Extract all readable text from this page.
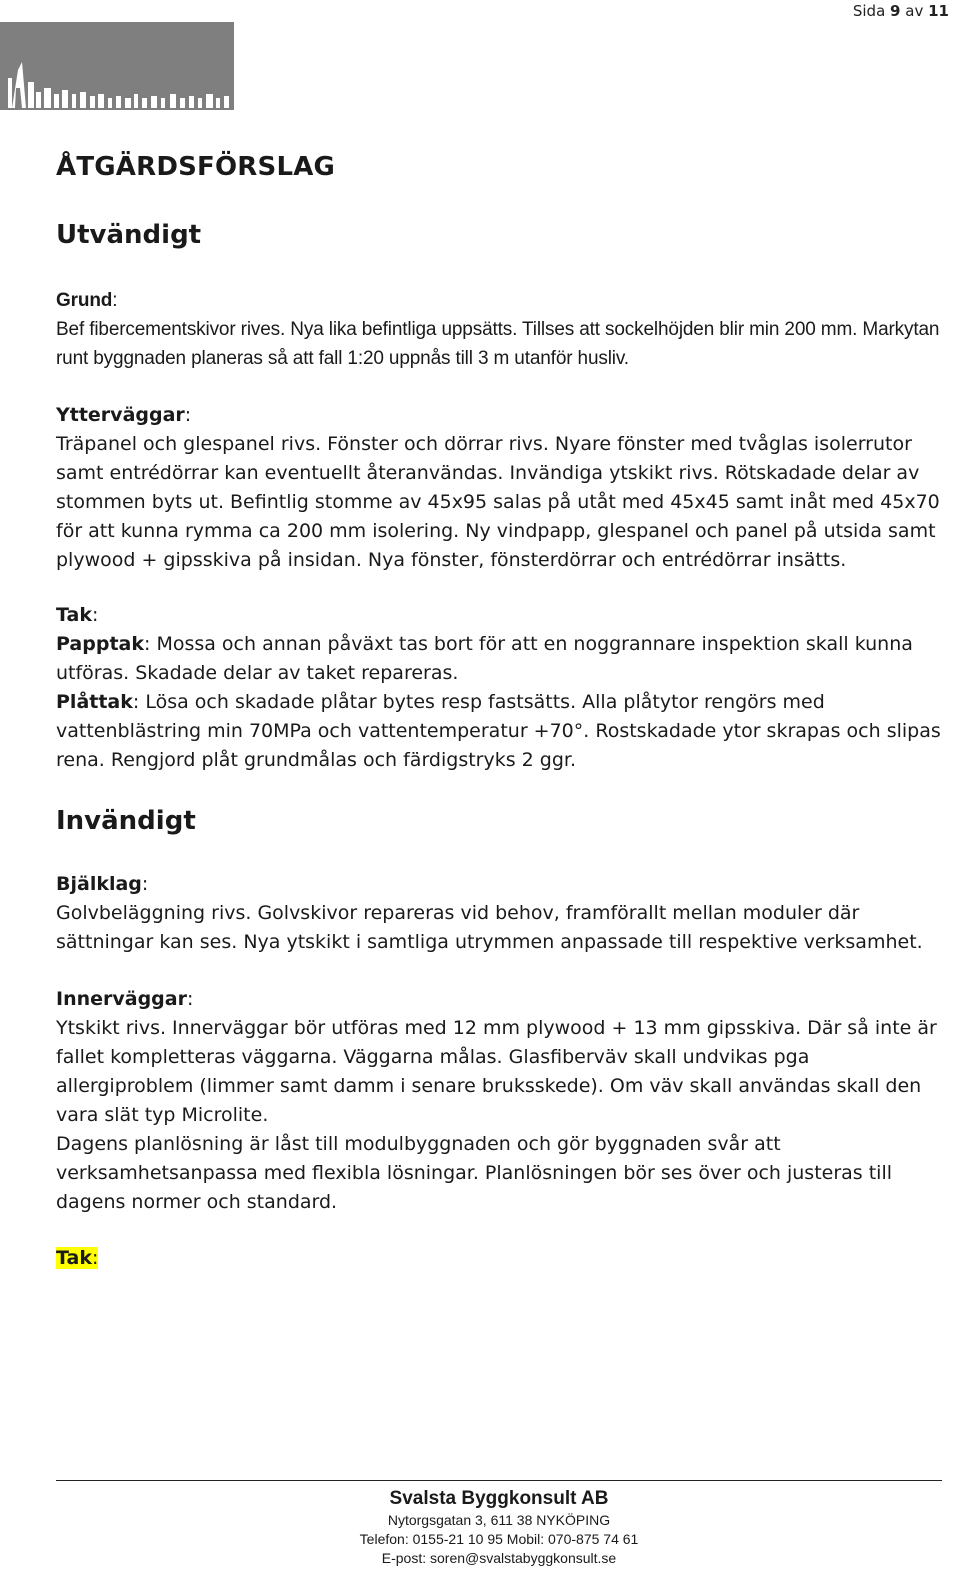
Sida 9 av 11
ÅTGÄRDSFÖRSLAG
Utvändigt

Grund:

Bef fibercementskivor rives. Nya lika befintliga uppsätts. Tillses att sockelhöjden blir min 200 mm. Markytan runt byggnaden planeras så att fall 1:20 uppnås till 3 m utanför husliv.

Ytterväggar:

Träpanel och glespanel rivs. Fönster och dörrar rivs. Nyare fönster med tvåglas isolerrutor samt entrédörrar kan eventuellt återanvändas. Invändiga ytskikt rivs. Rötskadade delar av stommen byts ut. Befintlig stomme av 45x95 salas på utåt med 45x45 samt inåt med 45x70 för att kunna rymma ca 200 mm isolering. Ny vindpapp, glespanel och panel på utsida samt plywood + gipsskiva på insidan. Nya fönster, fönsterdörrar och entrédörrar insätts.

Tak:

Papptak: Mossa och annan påväxt tas bort för att en noggrannare inspektion skall kunna utföras. Skadade delar av taket repareras.

Plåttak: Lösa och skadade plåtar bytes resp fastsätts. Alla plåtytor rengörs med vattenblästring min 70MPa och vattentemperatur +70°. Rostskadade ytor skrapas och slipas rena. Rengjord plåt grundmålas och färdigstryks 2 ggr.

Invändigt

Bjälklag:

Golvbeläggning rivs. Golvskivor repareras vid behov, framförallt mellan moduler där sättningar kan ses. Nya ytskikt i samtliga utrymmen anpassade till respektive verksamhet.

Innerväggar:

Ytskikt rivs. Innerväggar bör utföras med 12 mm plywood + 13 mm gipsskiva. Där så inte är fallet kompletteras väggarna. Väggarna målas. Glasfiberväv skall undvikas pga allergiproblem (limmer samt damm i senare bruksskede). Om väv skall användas skall den vara slät typ Microlite.

Dagens planlösning är låst till modulbyggnaden och gör byggnaden svår att verksamhetsanpassa med flexibla lösningar. Planlösningen bör ses över och justeras till dagens normer och standard.

Tak:

Svalsta Byggkonsult AB
Nytorgsgatan 3, 611 38 NYKÖPING
Telefon: 0155-21 10 95 Mobil: 070-875 74 61
E-post: soren@svalstabyggkonsult.se
